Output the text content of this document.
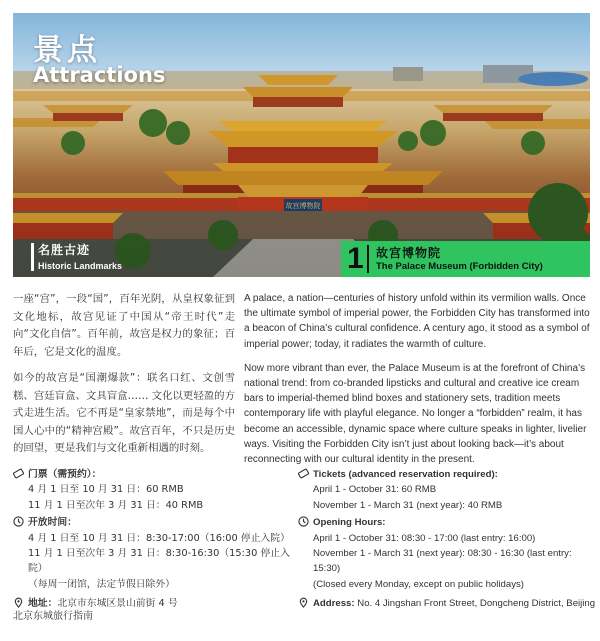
故宫博物院
景点
Attractions
名胜古迹
Historic Landmarks	1 故宫博物院
The Palace Museum (Forbidden City)

一座“宫”，一段“国”，百年光阴，从皇权象征到文化地标，故宫见证了中国从“帝王时代”走向“文化自信”。百年前，故宫是权力的象征；百年后，它是文化的温度。

如今的故宫是“国潮爆款”：联名口红、文创雪糕、宫廷盲盒、文具盲盒…… 文化以更轻盈的方式走进生活。它不再是“皇家禁地”，而是每个中国人心中的“精神宫殿”。故宫百年，不只是历史的回望，更是我们与文化重新相遇的时刻。

A palace, a nation—centuries of history unfold within its vermilion walls. Once the ultimate symbol of imperial power, the Forbidden City has transformed into a beacon of China’s cultural confidence. A century ago, it stood as a symbol of imperial power; today, it radiates the warmth of culture.

Now more vibrant than ever, the Palace Museum is at the forefront of China’s national trend: from co-branded lipsticks and cultural and creative ice cream bars to imperial-themed blind boxes and stationery sets, tradition meets contemporary life with playful elegance. No longer a “forbidden” realm, it has become an accessible, dynamic space where culture speaks in lighter, livelier ways. Visiting the Forbidden City isn’t just about looking back—it’s about reconnecting with our cultural identity in the present.

门票（需预约）：
4 月 1 日至 10 月 31 日：60 RMB
11 月 1 日至次年 3 月 31 日：40 RMB
开放时间：
4 月 1 日至 10 月 31 日：8:30-17:00（16:00 停止入院）
11 月 1 日至次年 3 月 31 日：8:30-16:30（15:30 停止入院）
（每周一闭馆，法定节假日除外）
地址：北京市东城区景山前街 4 号
Tickets (advanced reservation required):
April 1 - October 31: 60 RMB
November 1 - March 31 (next year): 40 RMB
Opening Hours:
April 1 - October 31: 08:30 - 17:00 (last entry: 16:00)
November 1 - March 31 (next year): 08:30 - 16:30 (last entry: 15:30)
(Closed every Monday, except on public holidays)
Address: No. 4 Jingshan Front Street, Dongcheng District, Beijing
北京东城旅行指南
